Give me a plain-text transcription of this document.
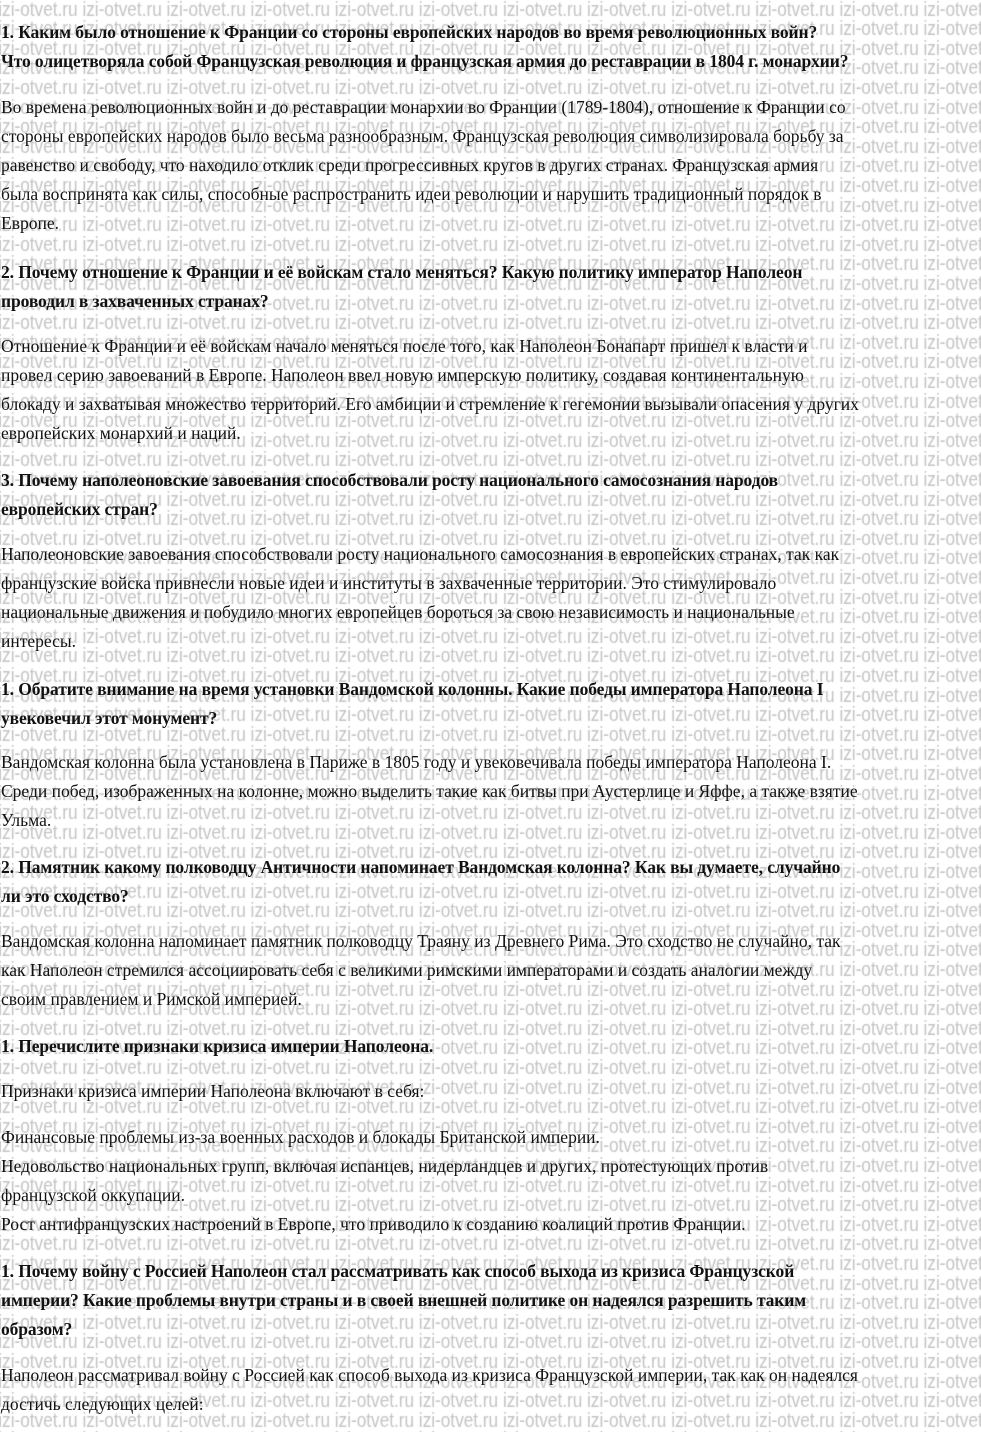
1. Каким было отношение к Франции со стороны европейских народов во время революционных войн?
Что олицетворяла собой Французская революция и французская армия до реставрации в 1804 г. монархии?
Во времена революционных войн и до реставрации монархии во Франции (1789-1804), отношение к Франции со
стороны европейских народов было весьма разнообразным. Французская революция символизировала борьбу за
равенство и свободу, что находило отклик среди прогрессивных кругов в других странах. Французская армия
была воспринята как силы, способные распространить идеи революции и нарушить традиционный порядок в
Европе.
2. Почему отношение к Франции и её войскам стало меняться? Какую политику император Наполеон
проводил в захваченных странах?
Отношение к Франции и её войскам начало меняться после того, как Наполеон Бонапарт пришел к власти и
провел серию завоеваний в Европе. Наполеон ввел новую имперскую политику, создавая континентальную
блокаду и захватывая множество территорий. Его амбиции и стремление к гегемонии вызывали опасения у других
европейских монархий и наций.
3. Почему наполеоновские завоевания способствовали росту национального самосознания народов
европейских стран?
Наполеоновские завоевания способствовали росту национального самосознания в европейских странах, так как
французские войска привнесли новые идеи и институты в захваченные территории. Это стимулировало
национальные движения и побудило многих европейцев бороться за свою независимость и национальные
интересы.
1. Обратите внимание на время установки Вандомской колонны. Какие победы императора Наполеона I
увековечил этот монумент?
Вандомская колонна была установлена в Париже в 1805 году и увековечивала победы императора Наполеона I.
Среди побед, изображенных на колонне, можно выделить такие как битвы при Аустерлице и Яффе, а также взятие
Ульма.
2. Памятник какому полководцу Античности напоминает Вандомская колонна? Как вы думаете, случайно
ли это сходство?
Вандомская колонна напоминает памятник полководцу Траяну из Древнего Рима. Это сходство не случайно, так
как Наполеон стремился ассоциировать себя с великими римскими императорами и создать аналогии между
своим правлением и Римской империей.
1. Перечислите признаки кризиса империи Наполеона.
Признаки кризиса империи Наполеона включают в себя:
Финансовые проблемы из-за военных расходов и блокады Британской империи.
Недовольство национальных групп, включая испанцев, нидерландцев и других, протестующих против
французской оккупации.
Рост антифранцузских настроений в Европе, что приводило к созданию коалиций против Франции.
1. Почему войну с Россией Наполеон стал рассматривать как способ выхода из кризиса Французской
империи? Какие проблемы внутри страны и в своей внешней политике он надеялся разрешить таким
образом?
Наполеон рассматривал войну с Россией как способ выхода из кризиса Французской империи, так как он надеялся
достичь следующих целей:
